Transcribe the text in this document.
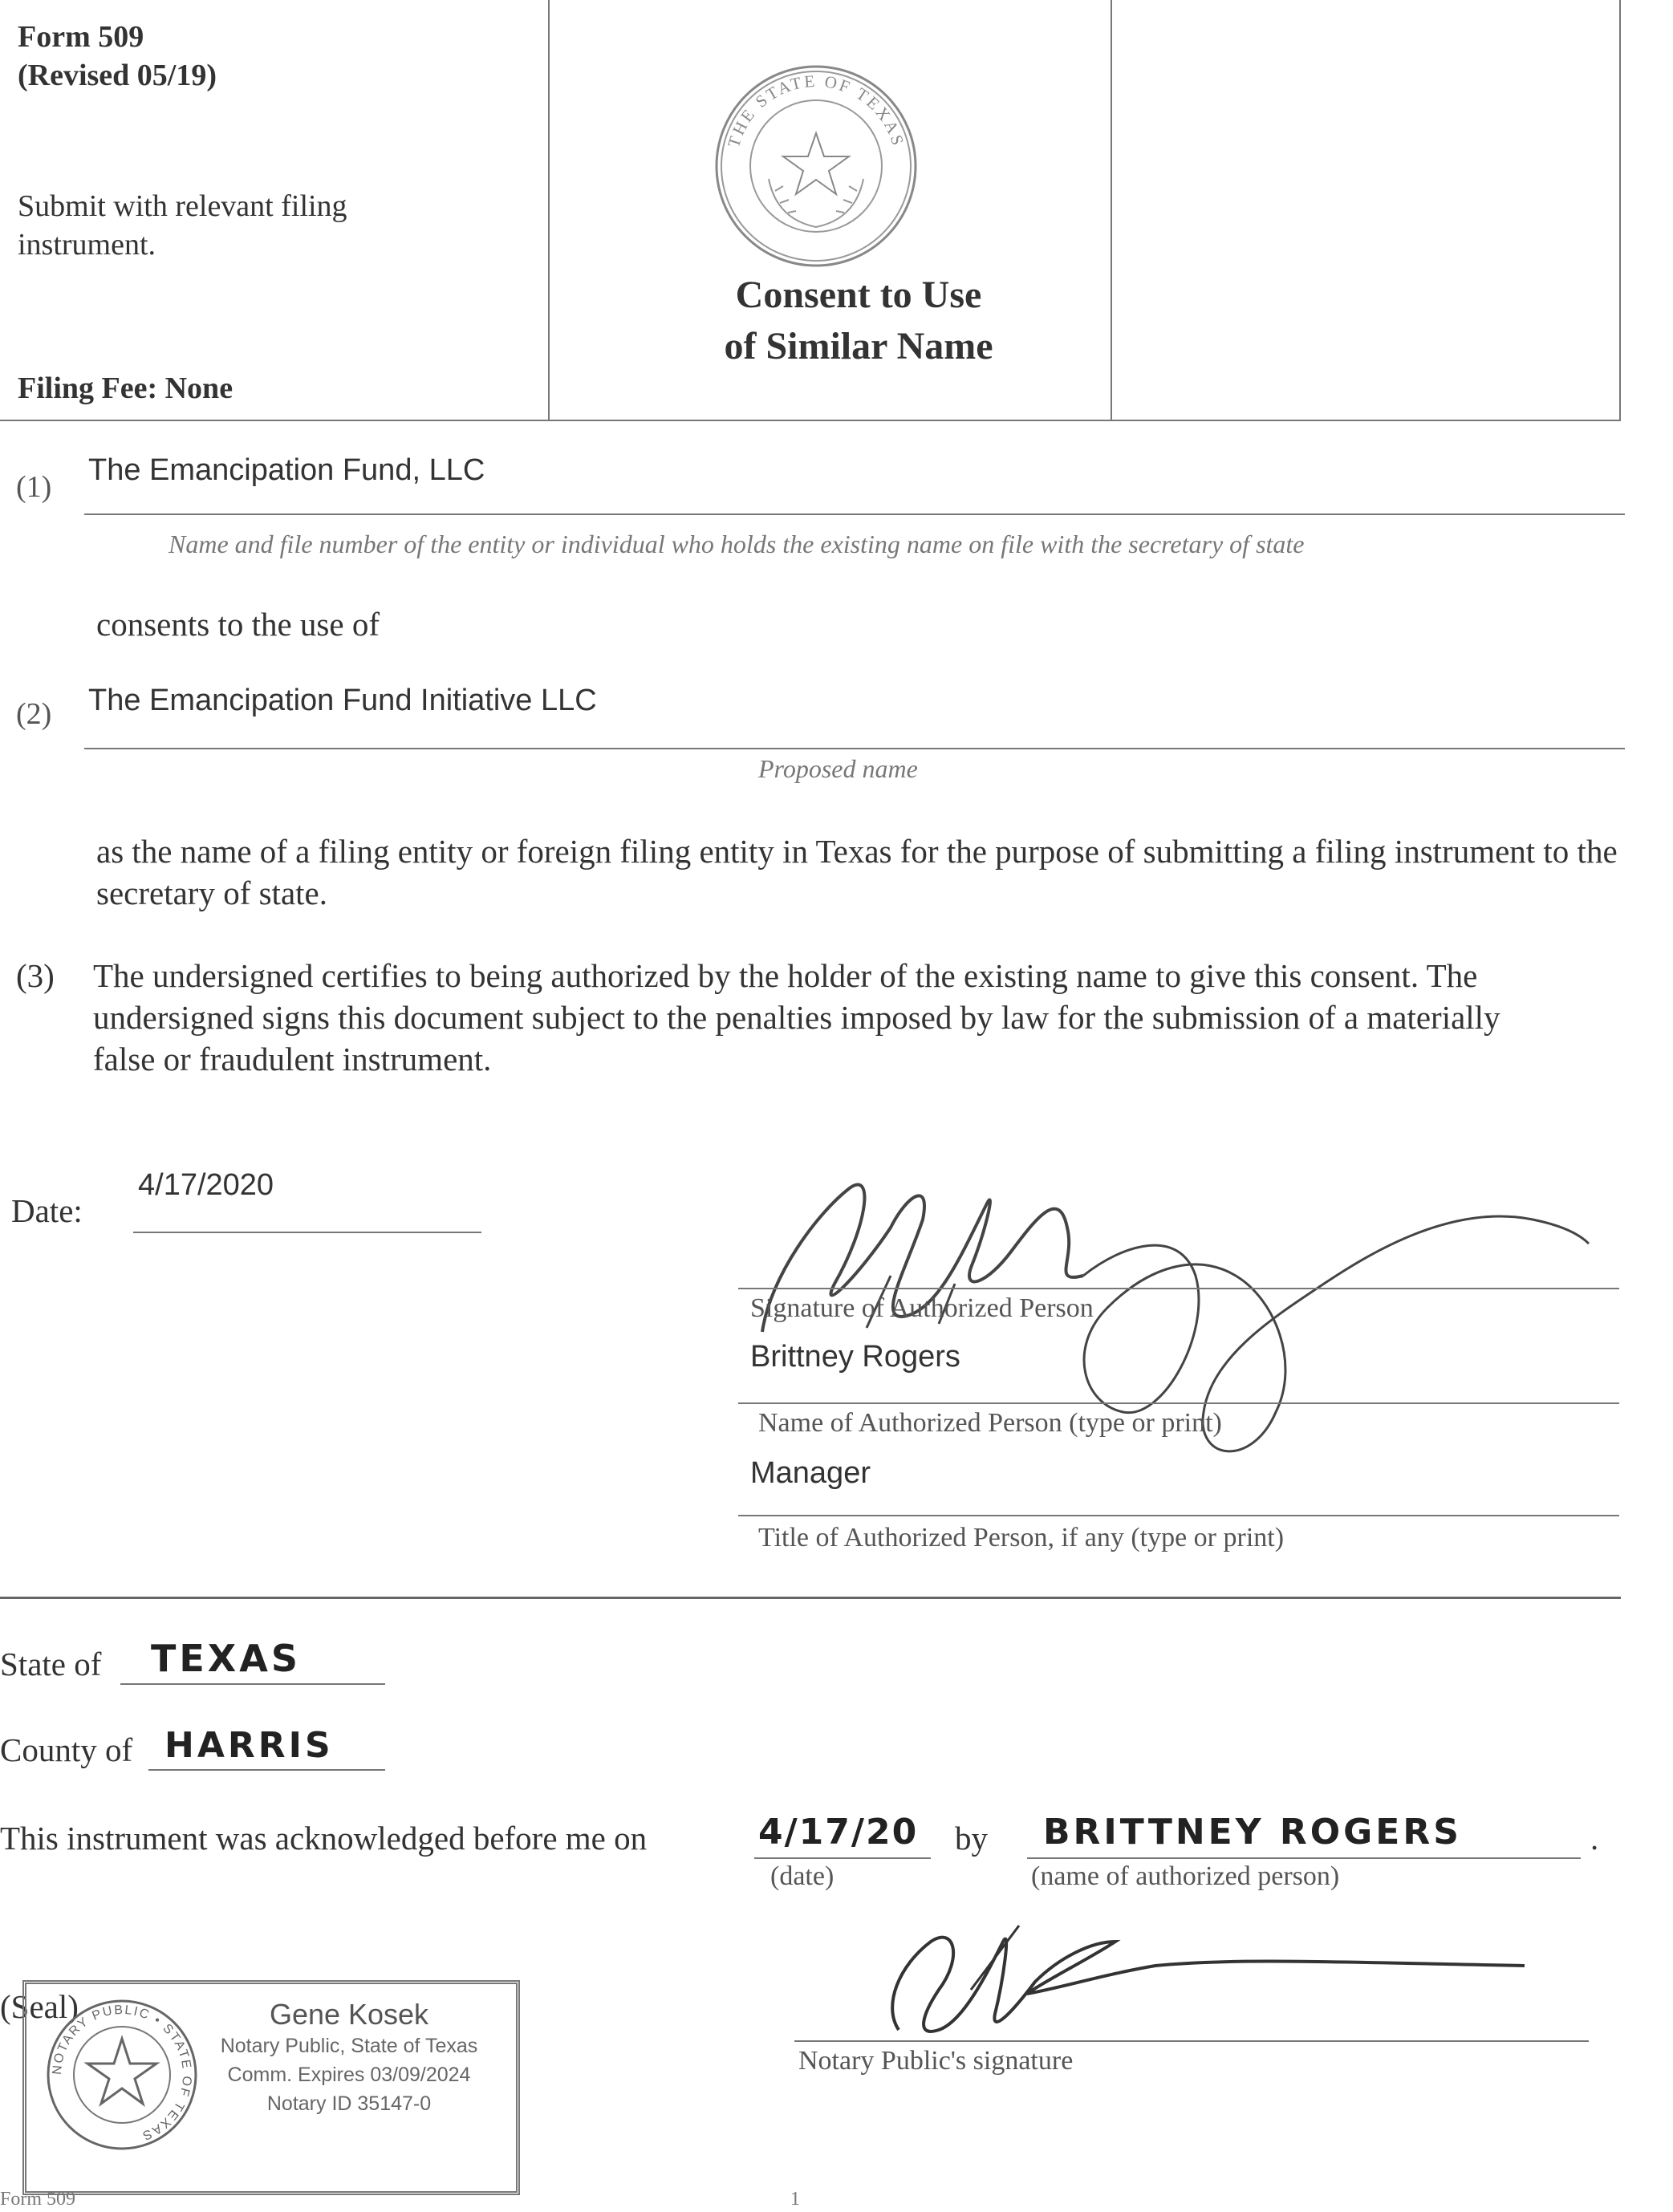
Form 509
(Revised 05/19)
Submit with relevant filing instrument.
Filing Fee: None
THE STATE OF TEXAS
Consent to Use
of Similar Name
(1) The Emancipation Fund, LLC
Name and file number of the entity or individual who holds the existing name on file with the secretary of state
consents to the use of
(2) The Emancipation Fund Initiative LLC
Proposed name
as the name of a filing entity or foreign filing entity in Texas for the purpose of submitting a filing instrument to the secretary of state.
(3) The undersigned certifies to being authorized by the holder of the existing name to give this consent. The undersigned signs this document subject to the penalties imposed by law for the submission of a materially false or fraudulent instrument.
Date:
4/17/2020
Signature of Authorized Person
Brittney Rogers
Name of Authorized Person (type or print)
Manager
Title of Authorized Person, if any (type or print)
State of TEXAS
County of HARRIS
This instrument was acknowledged before me on	4/17/20 by BRITTNEY ROGERS	.
(date)	(name of authorized person)
Notary Public's signature
(Seal)
NOTARY PUBLIC • STATE OF TEXAS
Gene Kosek
Notary Public, State of Texas
Comm. Expires 03/09/2024
Notary ID 35147-0
Form 509	1
